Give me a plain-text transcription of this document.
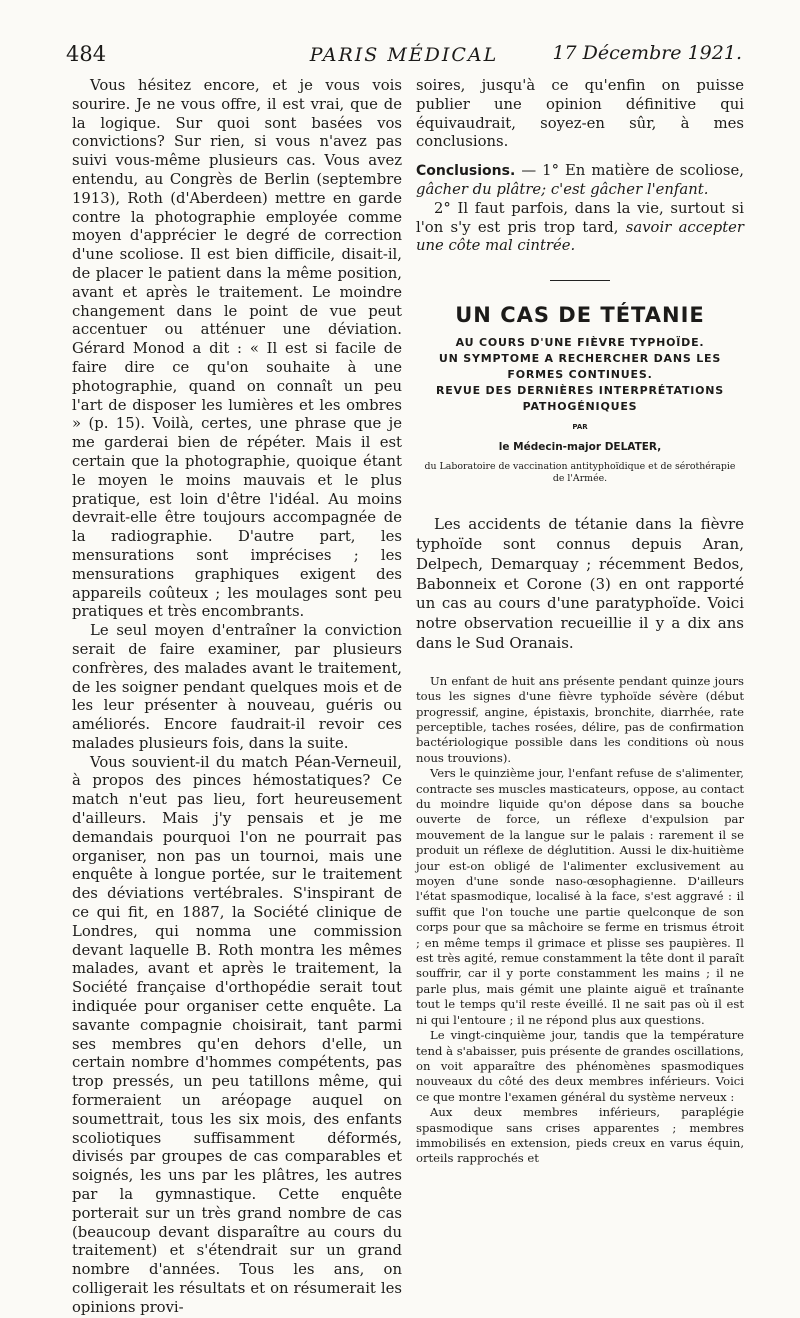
484	PARIS MÉDICAL	17 Décembre 1921.

Vous hésitez encore, et je vous vois sourire. Je ne vous offre, il est vrai, que de la logique. Sur quoi sont basées vos convictions? Sur rien, si vous n'avez pas suivi vous-même plusieurs cas. Vous avez entendu, au Congrès de Berlin (septembre 1913), Roth (d'Aberdeen) mettre en garde contre la photographie employée comme moyen d'apprécier le degré de correction d'une scoliose. Il est bien difficile, disait-il, de placer le patient dans la même position, avant et après le traitement. Le moindre changement dans le point de vue peut accentuer ou atténuer une déviation. Gérard Monod a dit : « Il est si facile de faire dire ce qu'on souhaite à une photographie, quand on connaît un peu l'art de disposer les lumières et les ombres » (p. 15). Voilà, certes, une phrase que je me garderai bien de répéter. Mais il est certain que la photographie, quoique étant le moyen le moins mauvais et le plus pratique, est loin d'être l'idéal. Au moins devrait-elle être toujours accompagnée de la radiographie. D'autre part, les mensurations sont imprécises ; les mensurations graphiques exigent des appareils coûteux ; les moulages sont peu pratiques et très encombrants.

Le seul moyen d'entraîner la conviction serait de faire examiner, par plusieurs confrères, des malades avant le traitement, de les soigner pendant quelques mois et de les leur présenter à nouveau, guéris ou améliorés. Encore faudrait-il revoir ces malades plusieurs fois, dans la suite.

Vous souvient-il du match Péan-Verneuil, à propos des pinces hémostatiques? Ce match n'eut pas lieu, fort heureusement d'ailleurs. Mais j'y pensais et je me demandais pourquoi l'on ne pourrait pas organiser, non pas un tournoi, mais une enquête à longue portée, sur le traitement des déviations vertébrales. S'inspirant de ce qui fit, en 1887, la Société clinique de Londres, qui nomma une commission devant laquelle B. Roth montra les mêmes malades, avant et après le traitement, la Société française d'orthopédie serait tout indiquée pour organiser cette enquête. La savante compagnie choisirait, tant parmi ses membres qu'en dehors d'elle, un certain nombre d'hommes compétents, pas trop pressés, un peu tatillons même, qui formeraient un aréopage auquel on soumettrait, tous les six mois, des enfants scoliotiques suffisamment déformés, divisés par groupes de cas comparables et soignés, les uns par les plâtres, les autres par la gymnastique. Cette enquête porterait sur un très grand nombre de cas (beaucoup devant disparaître au cours du traitement) et s'étendrait sur un grand nombre d'années. Tous les ans, on colligerait les résultats et on résumerait les opinions provi-

soires, jusqu'à ce qu'enfin on puisse publier une opinion définitive qui équivaudrait, soyez-en sûr, à mes conclusions.

Conclusions. — 1° En matière de scoliose, gâcher du plâtre; c'est gâcher l'enfant.

2° Il faut parfois, dans la vie, surtout si l'on s'y est pris trop tard, savoir accepter une côte mal cintrée.

UN CAS DE TÉTANIE
AU COURS D'UNE FIÈVRE TYPHOÏDE.
UN SYMPTOME A RECHERCHER DANS LES
FORMES CONTINUES.
REVUE DES DERNIÈRES INTERPRÉTATIONS
PATHOGÉNIQUES
PAR
le Médecin-major DELATER,
du Laboratoire de vaccination antityphoïdique et de sérothérapie
de l'Armée.

Les accidents de tétanie dans la fièvre typhoïde sont connus depuis Aran, Delpech, Demarquay ; récemment Bedos, Babonneix et Corone (3) en ont rapporté un cas au cours d'une paratyphoïde. Voici notre observation recueillie il y a dix ans dans le Sud Oranais.

Un enfant de huit ans présente pendant quinze jours tous les signes d'une fièvre typhoïde sévère (début progressif, angine, épistaxis, bronchite, diarrhée, rate perceptible, taches rosées, délire, pas de confirmation bactériologique possible dans les conditions où nous nous trouvions).

Vers le quinzième jour, l'enfant refuse de s'alimenter, contracte ses muscles masticateurs, oppose, au contact du moindre liquide qu'on dépose dans sa bouche ouverte de force, un réflexe d'expulsion par mouvement de la langue sur le palais : rarement il se produit un réflexe de déglutition. Aussi le dix-huitième jour est-on obligé de l'alimenter exclusivement au moyen d'une sonde naso-œsophagienne. D'ailleurs l'état spasmodique, localisé à la face, s'est aggravé : il suffit que l'on touche une partie quelconque de son corps pour que sa mâchoire se ferme en trismus étroit ; en même temps il grimace et plisse ses paupières. Il est très agité, remue constamment la tête dont il paraît souffrir, car il y porte constamment les mains ; il ne parle plus, mais gémit une plainte aiguë et traînante tout le temps qu'il reste éveillé. Il ne sait pas où il est ni qui l'entoure ; il ne répond plus aux questions.

Le vingt-cinquième jour, tandis que la température tend à s'abaisser, puis présente de grandes oscillations, on voit apparaître des phénomènes spasmodiques nouveaux du côté des deux membres inférieurs. Voici ce que montre l'examen général du système nerveux :

Aux deux membres inférieurs, paraplégie spasmodique sans crises apparentes ; membres immobilisés en extension, pieds creux en varus équin, orteils rapprochés et
